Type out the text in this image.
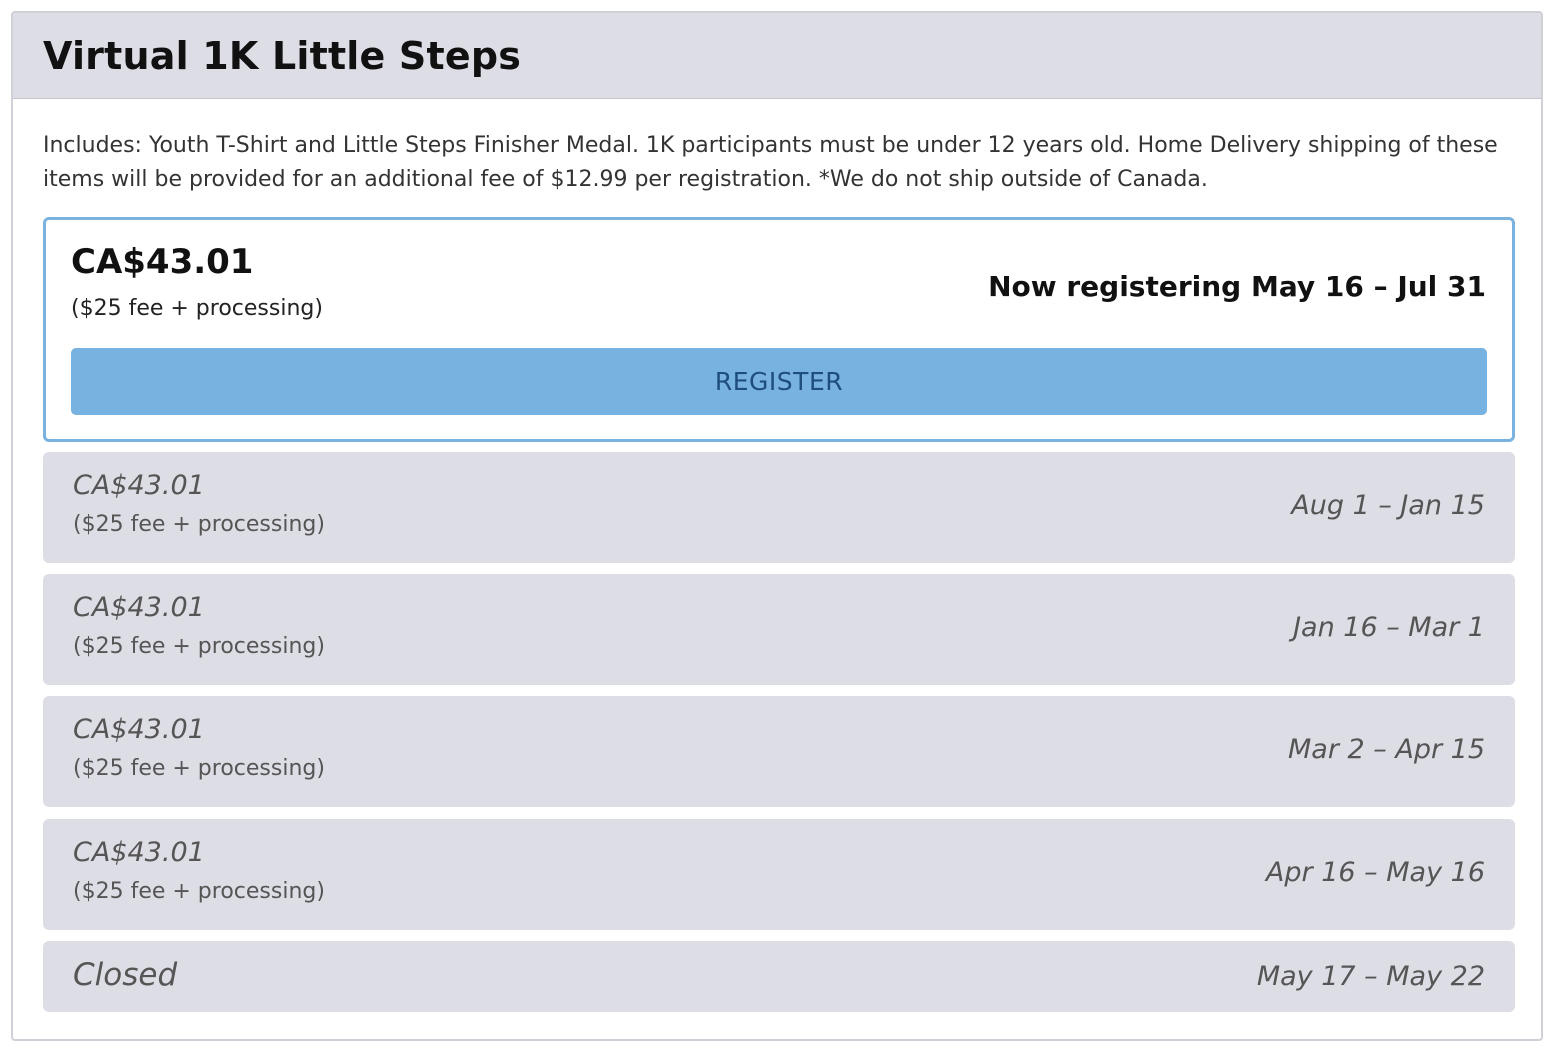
Virtual 1K Little Steps
Includes: Youth T-Shirt and Little Steps Finisher Medal. 1K participants must be under 12 years old. Home Delivery shipping of these items will be provided for an additional fee of $12.99 per registration. *We do not ship outside of Canada.
CA$43.01
($25 fee + processing)
Now registering May 16 – Jul 31
REGISTER
CA$43.01
($25 fee + processing)
Aug 1 – Jan 15
CA$43.01
($25 fee + processing)
Jan 16 – Mar 1
CA$43.01
($25 fee + processing)
Mar 2 – Apr 15
CA$43.01
($25 fee + processing)
Apr 16 – May 16
Closed	May 17 – May 22
